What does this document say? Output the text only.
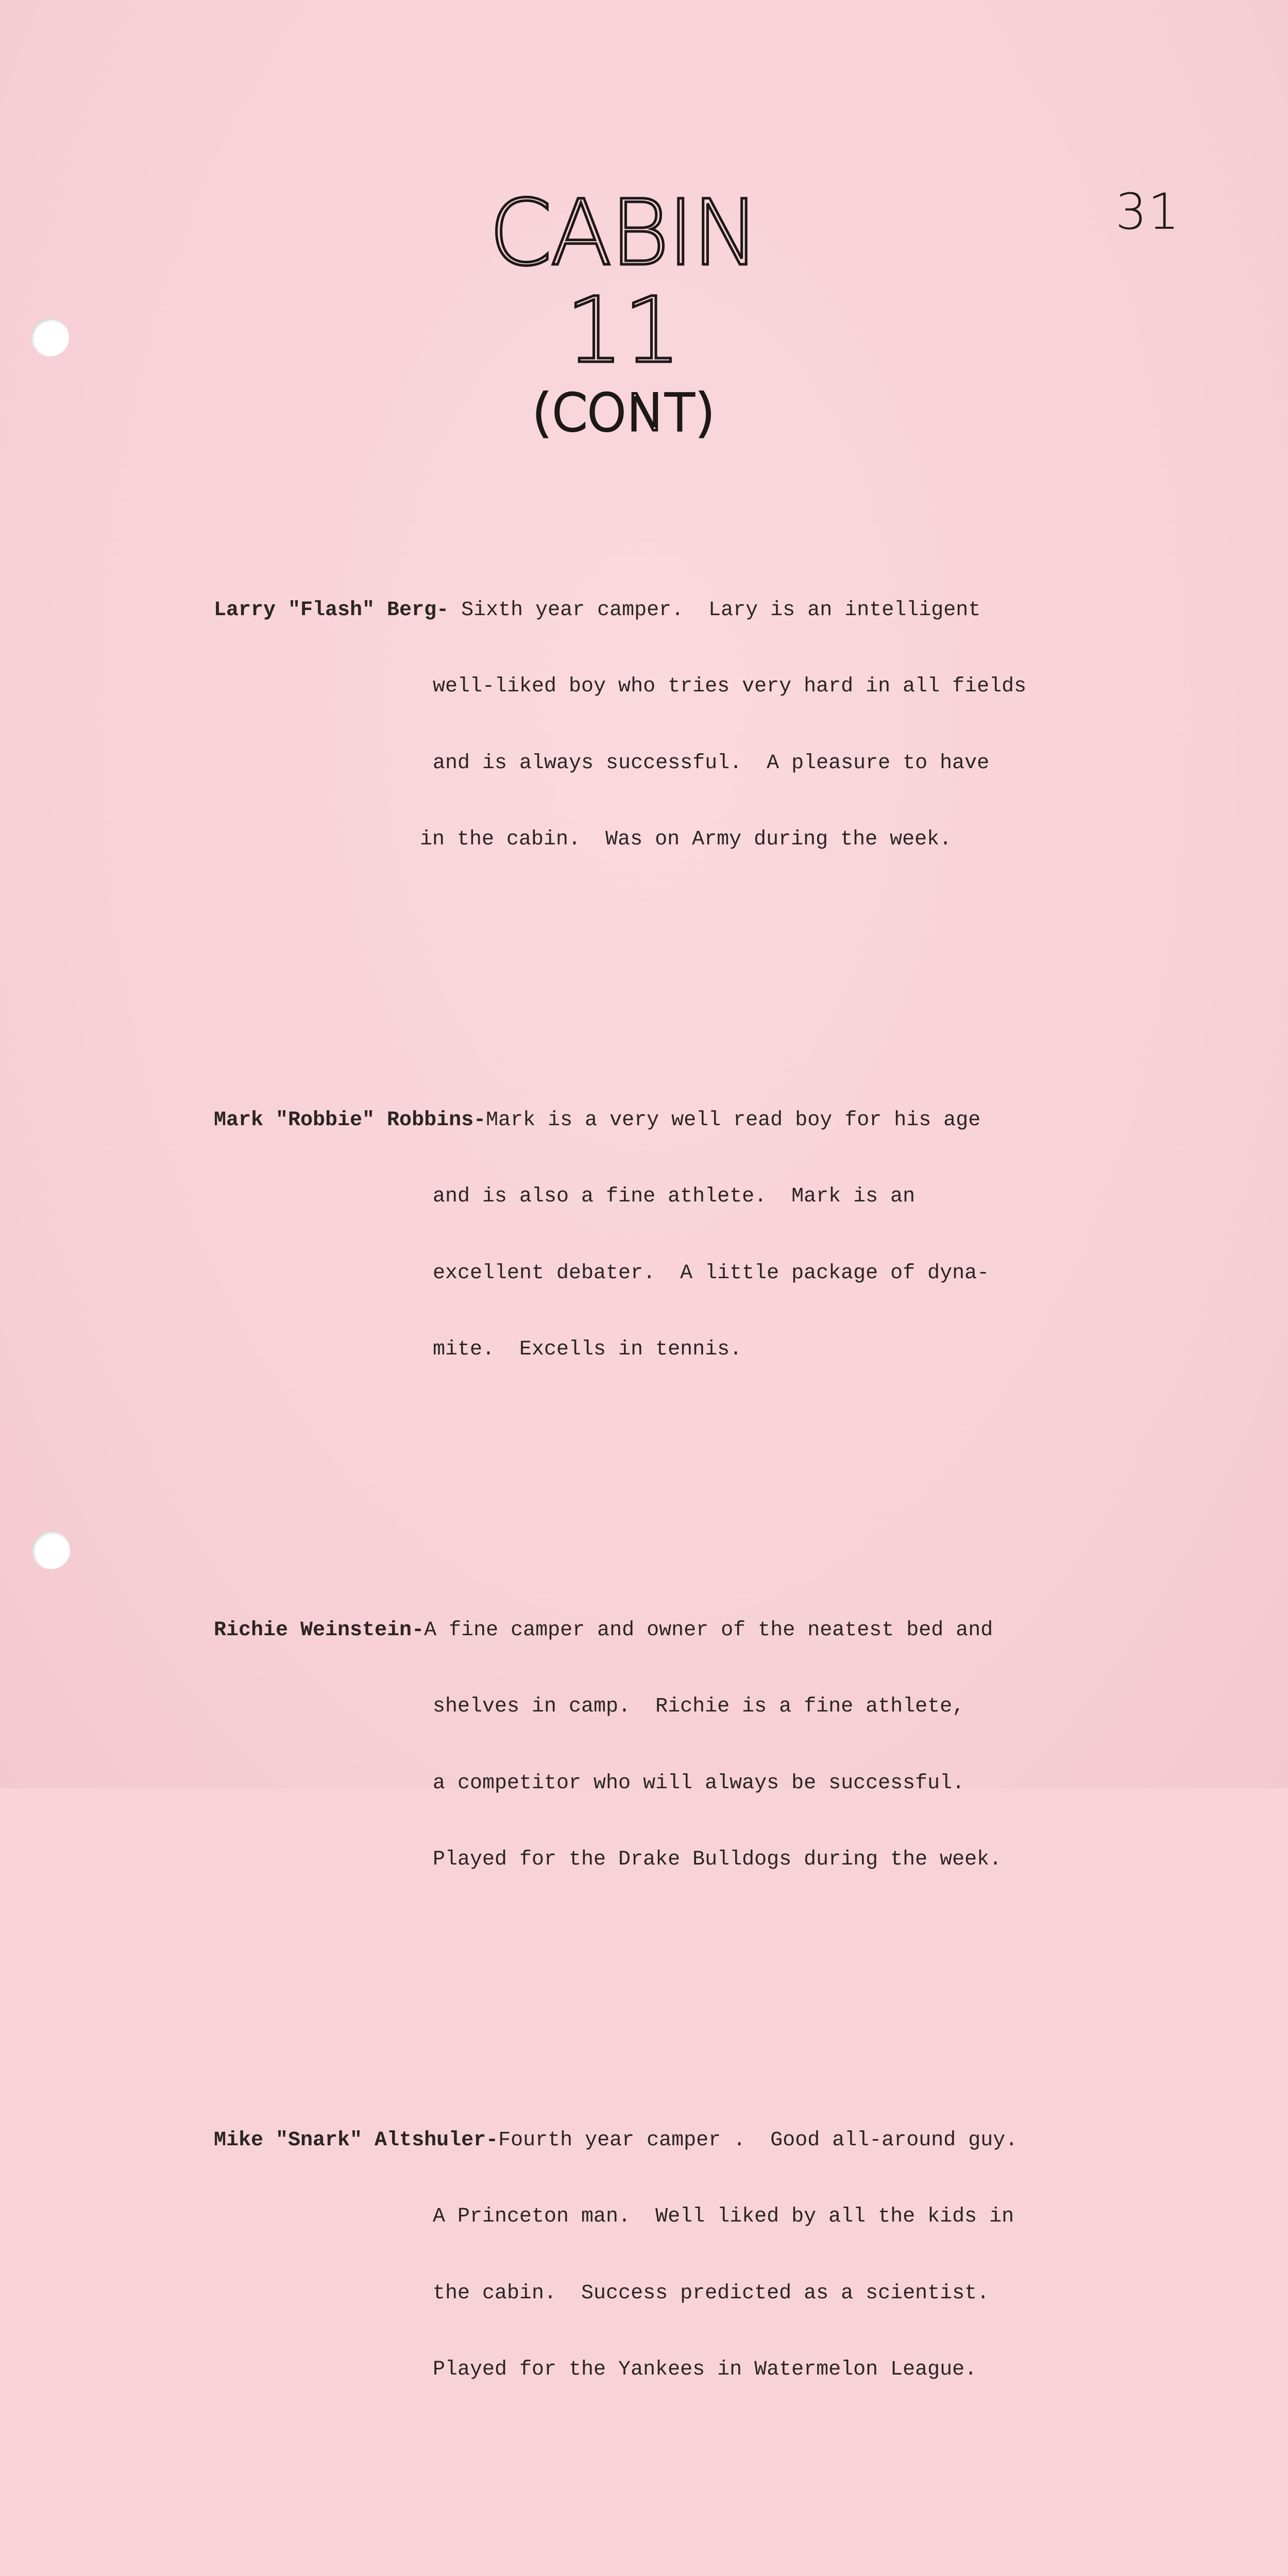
31
CABIN
11
(CONT)

Larry "Flash" Berg- Sixth year camper.  Lary is an intelligent

well-liked boy who tries very hard in all fields

and is always successful.  A pleasure to have

in the cabin.  Was on Army during the week.

Mark "Robbie" Robbins-Mark is a very well read boy for his age

and is also a fine athlete.  Mark is an

excellent debater.  A little package of dyna-

mite.  Excells in tennis.

Richie Weinstein-A fine camper and owner of the neatest bed and

shelves in camp.  Richie is a fine athlete,

a competitor who will always be successful.

Played for the Drake Bulldogs during the week.

Mike "Snark" Altshuler-Fourth year camper .  Good all-around guy.

A Princeton man.  Well liked by all the kids in

the cabin.  Success predicted as a scientist.

Played for the Yankees in Watermelon League.
